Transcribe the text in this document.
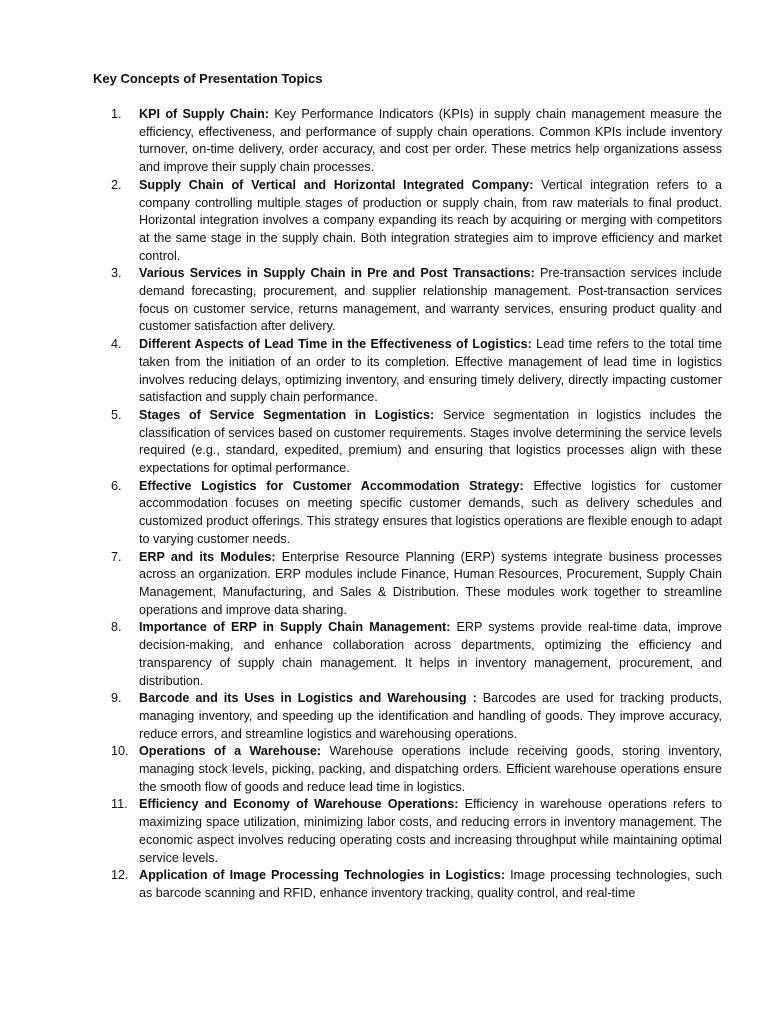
Key Concepts of Presentation Topics
1.	KPI of Supply Chain: Key Performance Indicators (KPIs) in supply chain management measure the efficiency, effectiveness, and performance of supply chain operations. Common KPIs include inventory turnover, on-time delivery, order accuracy, and cost per order. These metrics help organizations assess and improve their supply chain processes.
2.	Supply Chain of Vertical and Horizontal Integrated Company: Vertical integration refers to a company controlling multiple stages of production or supply chain, from raw materials to final product. Horizontal integration involves a company expanding its reach by acquiring or merging with competitors at the same stage in the supply chain. Both integration strategies aim to improve efficiency and market control.
3.	Various Services in Supply Chain in Pre and Post Transactions: Pre-transaction services include demand forecasting, procurement, and supplier relationship management. Post-transaction services focus on customer service, returns management, and warranty services, ensuring product quality and customer satisfaction after delivery.
4.	Different Aspects of Lead Time in the Effectiveness of Logistics: Lead time refers to the total time taken from the initiation of an order to its completion. Effective management of lead time in logistics involves reducing delays, optimizing inventory, and ensuring timely delivery, directly impacting customer satisfaction and supply chain performance.
5.	Stages of Service Segmentation in Logistics: Service segmentation in logistics includes the classification of services based on customer requirements. Stages involve determining the service levels required (e.g., standard, expedited, premium) and ensuring that logistics processes align with these expectations for optimal performance.
6.	Effective Logistics for Customer Accommodation Strategy: Effective logistics for customer accommodation focuses on meeting specific customer demands, such as delivery schedules and customized product offerings. This strategy ensures that logistics operations are flexible enough to adapt to varying customer needs.
7.	ERP and its Modules: Enterprise Resource Planning (ERP) systems integrate business processes across an organization. ERP modules include Finance, Human Resources, Procurement, Supply Chain Management, Manufacturing, and Sales & Distribution. These modules work together to streamline operations and improve data sharing.
8.	Importance of ERP in Supply Chain Management: ERP systems provide real-time data, improve decision-making, and enhance collaboration across departments, optimizing the efficiency and transparency of supply chain management. It helps in inventory management, procurement, and distribution.
9.	Barcode and its Uses in Logistics and Warehousing : Barcodes are used for tracking products, managing inventory, and speeding up the identification and handling of goods. They improve accuracy, reduce errors, and streamline logistics and warehousing operations.
10. Operations of a Warehouse: Warehouse operations include receiving goods, storing inventory, managing stock levels, picking, packing, and dispatching orders. Efficient warehouse operations ensure the smooth flow of goods and reduce lead time in logistics.
11. Efficiency and Economy of Warehouse Operations: Efficiency in warehouse operations refers to maximizing space utilization, minimizing labor costs, and reducing errors in inventory management. The economic aspect involves reducing operating costs and increasing throughput while maintaining optimal service levels.
12. Application of Image Processing Technologies in Logistics: Image processing technologies, such as barcode scanning and RFID, enhance inventory tracking, quality control, and real-time
